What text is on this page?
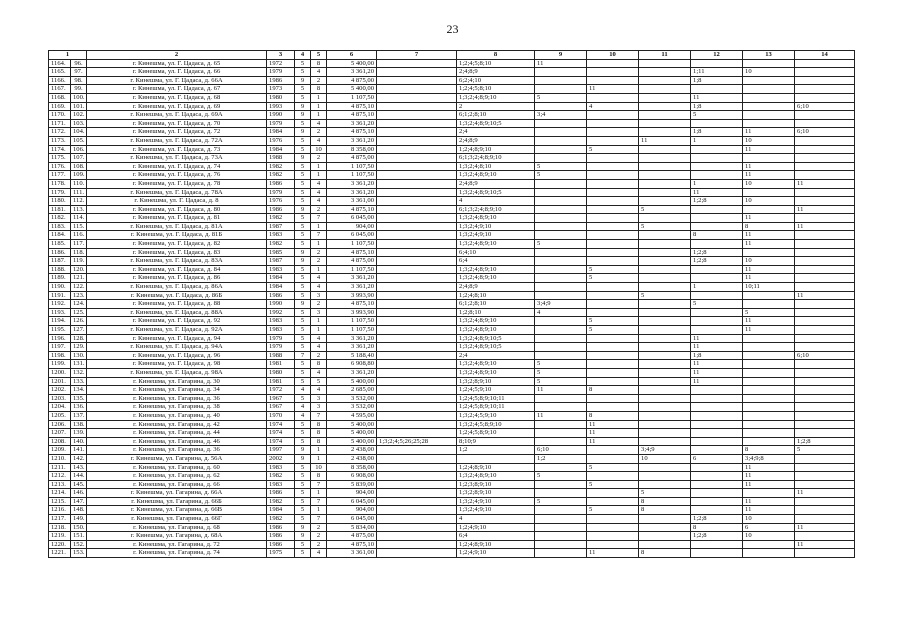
23
1		2	3	4	5	6	7	8	9	10	11	12	13	14	
1164.	96.	г. Кинешма, ул. Г. Цадаса, д. 65	1972	5	8	5 400,00		1;2;4;5;8;10	11						
1165.	97.	г. Кинешма, ул. Г. Цадаса, д. 66	1979	5	4	3 361,20		2;4;8;9				1;11	10		
1166.	98.	г. Кинешма, ул. Г. Цадаса, д. 66А	1986	9	2	4 875,00		6;2;4;10				1;8			
1167.	99.	г. Кинешма, ул. Г. Цадаса, д. 67	1973	5	8	5 400,00		1;2;4;5;8;10		11					
1168.	100.	г. Кинешма, ул. Г. Цадаса, д. 68	1980	5	1	1 107,50		1;3;2;4;8;9;10	5			11			
1169.	101.	г. Кинешма, ул. Г. Цадаса, д. 69	1993	9	1	4 875,10		2		4		1;8		6;10	
1170.	102.	г. Кинешма, ул. Г. Цадаса, д. 69А	1990	9	1	4 875,10		6;1;2;8;10	3;4			5			
1171.	103.	г. Кинешма, ул. Г. Цадаса, д. 70	1979	5	4	3 361,20		1;3;2;4;8;9;10;5							
1172.	104.	г. Кинешма, ул. Г. Цадаса, д. 72	1984	9	2	4 875,10		2;4				1;8	11	6;10	
1173.	105.	г. Кинешма, ул. Г. Цадаса, д. 72А	1976	5	4	3 361,20		2;4;8;9			11	1	10		
1174.	106.	г. Кинешма, ул. Г. Цадаса, д. 73	1984	5	10	8 358,00		1;2;4;8;9;10		5			11		
1175.	107.	г. Кинешма, ул. Г. Цадаса, д. 73А	1988	9	2	4 875,00		6;1;3;2;4;8;9;10							
1176.	108.	г. Кинешма, ул. Г. Цадаса, д. 74	1982	5	1	1 107,50		1;3;2;4;8;10	5				11		
1177.	109.	г. Кинешма, ул. Г. Цадаса, д. 76	1982	5	1	1 107,50		1;3;2;4;8;9;10	5				11		
1178.	110.	г. Кинешма, ул. Г. Цадаса, д. 78	1986	5	4	3 361,20		2;4;8;9				1	10	11	
1179.	111.	г. Кинешма, ул. Г. Цадаса, д. 78А	1979	5	4	3 361,20		1;3;2;4;8;9;10;5				11			
1180.	112.	г. Кинешма, ул. Г. Цадаса, д. 8	1976	5	4	3 361,00		4				1;2;8	10		
1181.	113.	г. Кинешма, ул. Г. Цадаса, д. 80	1986	9	2	4 875,10		6;1;3;2;4;8;9;10			5			11	
1182.	114.	г. Кинешма, ул. Г. Цадаса, д. 81	1982	5	7	6 045,00		1;3;2;4;8;9;10					11		
1183.	115.	г. Кинешма, ул. Г. Цадаса, д. 81А	1987	5	1	904,00		1;3;2;4;9;10			5		8	11	
1184.	116.	г. Кинешма, ул. Г. Цадаса, д. 81Б	1983	5	7	6 045,00		1;3;2;4;9;10				8	11		
1185.	117.	г. Кинешма, ул. Г. Цадаса, д. 82	1982	5	1	1 107,50		1;3;2;4;8;9;10	5				11		
1186.	118.	г. Кинешма, ул. Г. Цадаса, д. 83	1985	9	2	4 875,10		6;4;10				1;2;8			
1187.	119.	г. Кинешма, ул. Г. Цадаса, д. 83А	1987	9	2	4 875,00		6;4				1;2;8	10		
1188.	120.	г. Кинешма, ул. Г. Цадаса, д. 84	1983	5	1	1 107,50		1;3;2;4;8;9;10		5			11		
1189.	121.	г. Кинешма, ул. Г. Цадаса, д. 86	1984	5	4	3 361,20		1;3;2;4;8;9;10		5			11		
1190.	122.	г. Кинешма, ул. Г. Цадаса, д. 86А	1984	5	4	3 361,20		2;4;8;9				1	10;11		
1191.	123.	г. Кинешма, ул. Г. Цадаса, д. 86Б	1986	5	3	3 993,90		1;2;4;8;10			5			11	
1192.	124.	г. Кинешма, ул. Г. Цадаса, д. 88	1990	9	2	4 875,10		6;1;2;8;10	3;4;9			5			
1193.	125.	г. Кинешма, ул. Г. Цадаса, д. 88А	1992	5	3	3 993,90		1;2;8;10	4				5		
1194.	126.	г. Кинешма, ул. Г. Цадаса, д. 92	1983	5	1	1 107,50		1;3;2;4;8;9;10		5			11		
1195.	127.	г. Кинешма, ул. Г. Цадаса, д. 92А	1983	5	1	1 107,50		1;3;2;4;8;9;10		5			11		
1196.	128.	г. Кинешма, ул. Г. Цадаса, д. 94	1979	5	4	3 361,20		1;3;2;4;8;9;10;5				11			
1197.	129.	г. Кинешма, ул. Г. Цадаса, д. 94А	1979	5	4	3 361,20		1;3;2;4;8;9;10;5				11			
1198.	130.	г. Кинешма, ул. Г. Цадаса, д. 96	1988	7	2	5 188,40		2;4				1;8		6;10	
1199.	131.	г. Кинешма, ул. Г. Цадаса, д. 98	1981	5	8	6 908,80		1;3;2;4;8;9;10	5			11			
1200.	132.	г. Кинешма, ул. Г. Цадаса, д. 98А	1980	5	4	3 361,20		1;3;2;4;8;9;10	5			11			
1201.	133.	г. Кинешма, ул. Гагарина, д. 30	1981	5	5	5 400,00		1;3;2;8;9;10	5			11			
1202.	134.	г. Кинешма, ул. Гагарина, д. 34	1972	4	4	2 685,00		1;2;4;5;9;10	11	8					
1203.	135.	г. Кинешма, ул. Гагарина, д. 36	1967	5	3	3 532,00		1;2;4;5;8;9;10;11							
1204.	136.	г. Кинешма, ул. Гагарина, д. 38	1967	4	3	3 532,00		1;2;4;5;8;9;10;11							
1205.	137.	г. Кинешма, ул. Гагарина, д. 40	1970	4	7	4 595,00		1;3;2;4;5;9;10	11	8					
1206.	138.	г. Кинешма, ул. Гагарина, д. 42	1974	5	8	5 400,00		1;3;2;4;5;8;9;10		11					
1207.	139.	г. Кинешма, ул. Гагарина, д. 44	1974	5	8	5 400,00		1;2;4;5;8;9;10		11					
1208.	140.	г. Кинешма, ул. Гагарина, д. 46	1974	5	8	5 400,00	1;3;2;4;5;26;25;28	8;10;9		11				1;2;8	
1209.	141.	г. Кинешма, ул. Гагарина, д. 36	1997	9	1	2 438,00		1;2	6;10		3;4;9		8	5	
1210.	142.	г. Кинешма, ул. Гагарина, д. 56А	2002	9	1	2 438,00			1;2		10	6	3;4;9;8		
1211.	143.	г. Кинешма, ул. Гагарина, д. 60	1983	5	10	8 358,00		1;2;4;8;9;10		5			11		
1212.	144.	г. Кинешма, ул. Гагарина, д. 62	1982	5	8	6 908,00		1;3;2;4;8;9;10	5				11		
1213.	145.	г. Кинешма, ул. Гагарина, д. 66	1983	5	7	5 839,00		1;2;3;8;9;10		5			11		
1214.	146.	г. Кинешма, ул. Гагарина, д. 66А	1986	5	1	904,00		1;3;2;8;9;10			5			11	
1215.	147.	г. Кинешма, ул. Гагарина, д. 66Б	1982	5	7	6 045,00		1;3;2;4;9;10	5		8		11		
1216.	148.	г. Кинешма, ул. Гагарина, д. 66В	1984	5	1	904,00		1;3;2;4;9;10		5	8		11		
1217.	149.	г. Кинешма, ул. Гагарина, д. 66Г	1982	5	7	6 045,00		4				1;2;8	10		
1218.	150.	г. Кинешма, ул. Гагарина, д. 68	1986	9	2	5 834,00		1;2;4;9;10				8	6	11	
1219.	151.	г. Кинешма, ул. Гагарина, д. 68А	1986	9	2	4 875,00		6;4				1;2;8	10		
1220.	152.	г. Кинешма, ул. Гагарина, д. 72	1986	5	2	4 875,10		1;2;4;8;9;10						11	
1221.	153.	г. Кинешма, ул. Гагарина, д. 74	1975	5	4	3 361,00		1;2;4;9;10		11	8				
